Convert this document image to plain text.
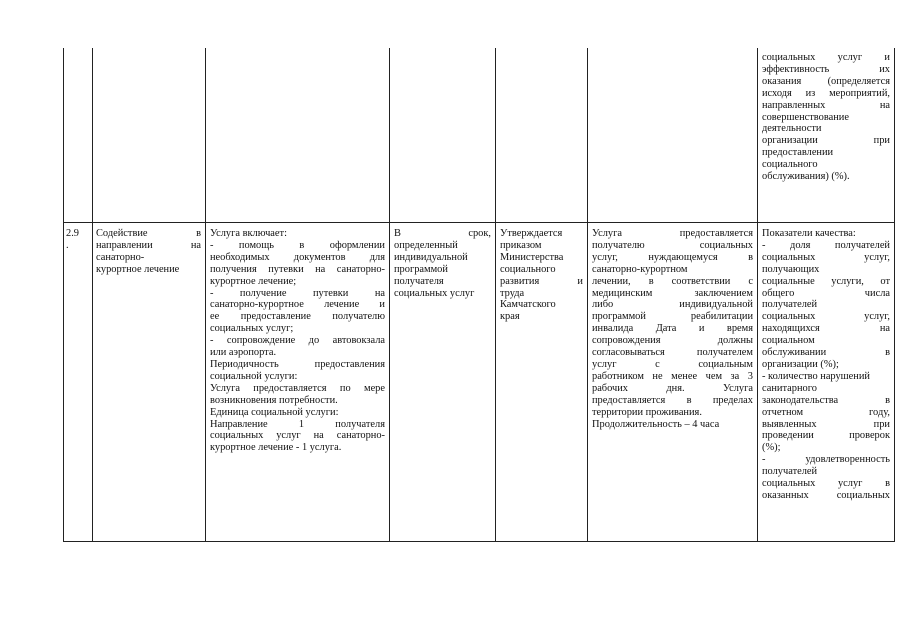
социальных услуг и
эффективность их
оказания (определяется
исходя из мероприятий,
направленных на
совершенствование
деятельности
организации при
предоставлении
социального
обслуживания) (%).
2.9
.
Содействие в
направлении на
санаторно-
курортное лечение
Услуга включает:
- помощь в оформлении
необходимых документов для
получения путевки на санаторно-
курортное лечение;
- получение путевки на
санаторно-курортное лечение и
ее предоставление получателю
социальных услуг;
- сопровождение до автовокзала
или аэропорта.
Периодичность предоставления
социальной услуги:
Услуга предоставляется по мере
возникновения потребности.
Единица социальной услуги:
Направление 1 получателя
социальных услуг на санаторно-
курортное лечение - 1 услуга.
В срок,
определенный
индивидуальной
программой
получателя
социальных услуг
Утверждается
приказом
Министерства
социального
развития и
труда
Камчатского
края
Услуга предоставляется
получателю социальных
услуг, нуждающемуся в
санаторно-курортном
лечении, в соответствии с
медицинским заключением
либо индивидуальной
программой реабилитации
инвалида Дата и время
сопровождения должны
согласовываться получателем
услуг с социальным
работником не менее чем за 3
рабочих дня. Услуга
предоставляется в пределах
территории проживания.
Продолжительность – 4 часа
Показатели качества:
- доля получателей
социальных услуг,
получающих
социальные услуги, от
общего числа
получателей
социальных услуг,
находящихся на
социальном
обслуживании в
организации (%);
- количество нарушений
санитарного
законодательства в
отчетном году,
выявленных при
проведении проверок
(%);
- удовлетворенность
получателей
социальных услуг в
оказанных социальных
